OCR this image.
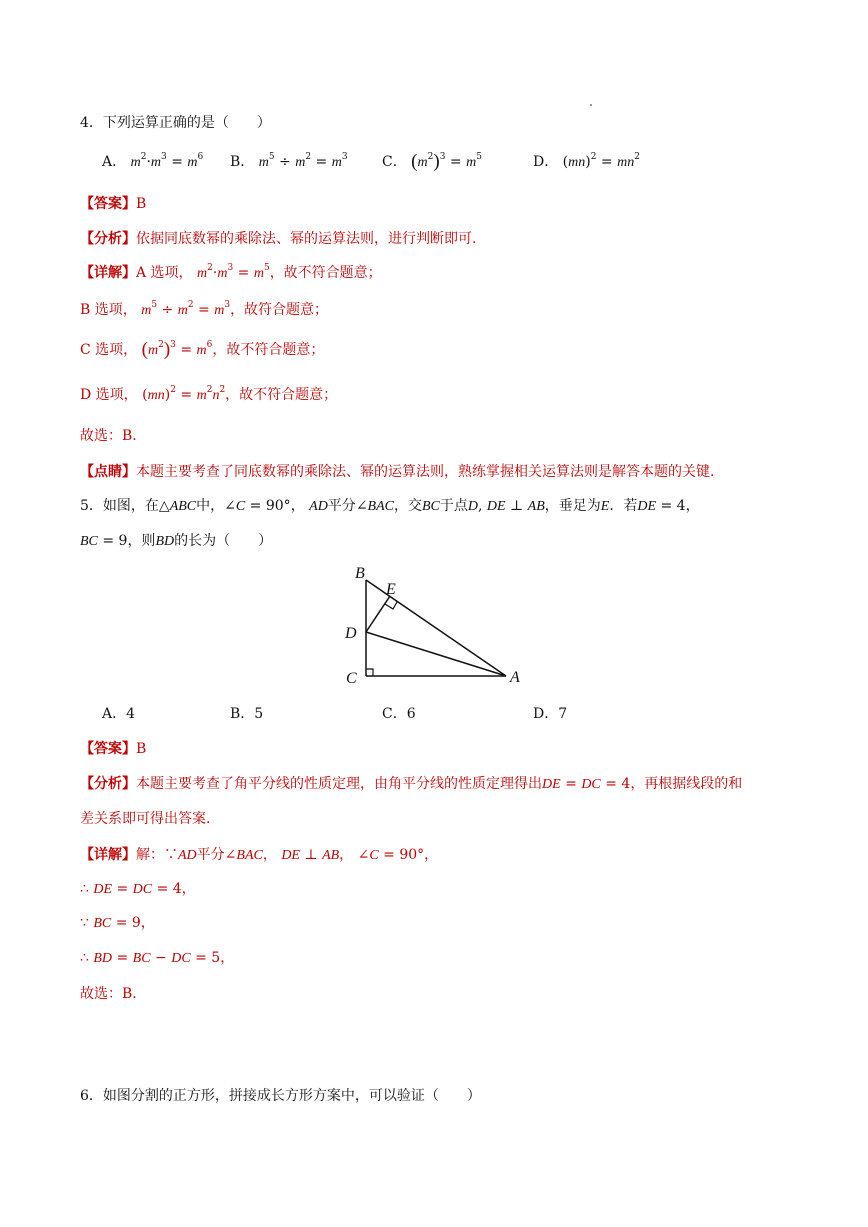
4．下列运算正确的是（　　）
A． $m^2\cdot m^3 = m^6$ B． $m^5 \div m^2 = m^3$ C． $(m^2)^3 = m^5$	D． $(mn)^2 = mn^2$
【答案】B
【分析】依据同底数幂的乘除法、幂的运算法则，进行判断即可.
【详解】A 选项， $m^2\cdot m^3 = m^5$，故不符合题意；
B 选项， $m^5 \div m^2 = m^3$，故符合题意；
C 选项， $(m^2)^3 = m^6$，故不符合题意；
D 选项， $(mn)^2 = m^2n^2$，故不符合题意；
故选：B.
【点睛】本题主要考查了同底数幂的乘除法、幂的运算法则，熟练掌握相关运算法则是解答本题的关键.
5．如图，在△ABC中，∠C = 90°， AD平分∠BAC，交BC于点D, DE ⊥ AB，垂足为E．若DE = 4，
BC = 9，则BD的长为（　　）
B
E
D
C	A
A．4	B．5	C．6	D．7
【答案】B
【分析】本题主要考查了角平分线的性质定理，由角平分线的性质定理得出DE = DC = 4，再根据线段的和
差关系即可得出答案.
【详解】解：∵AD平分∠BAC， DE ⊥ AB， ∠C = 90°，
∴ DE = DC = 4，
∵ BC = 9，
∴ BD = BC − DC = 5，
故选：B.
6．如图分割的正方形，拼接成长方形方案中，可以验证（　　）
